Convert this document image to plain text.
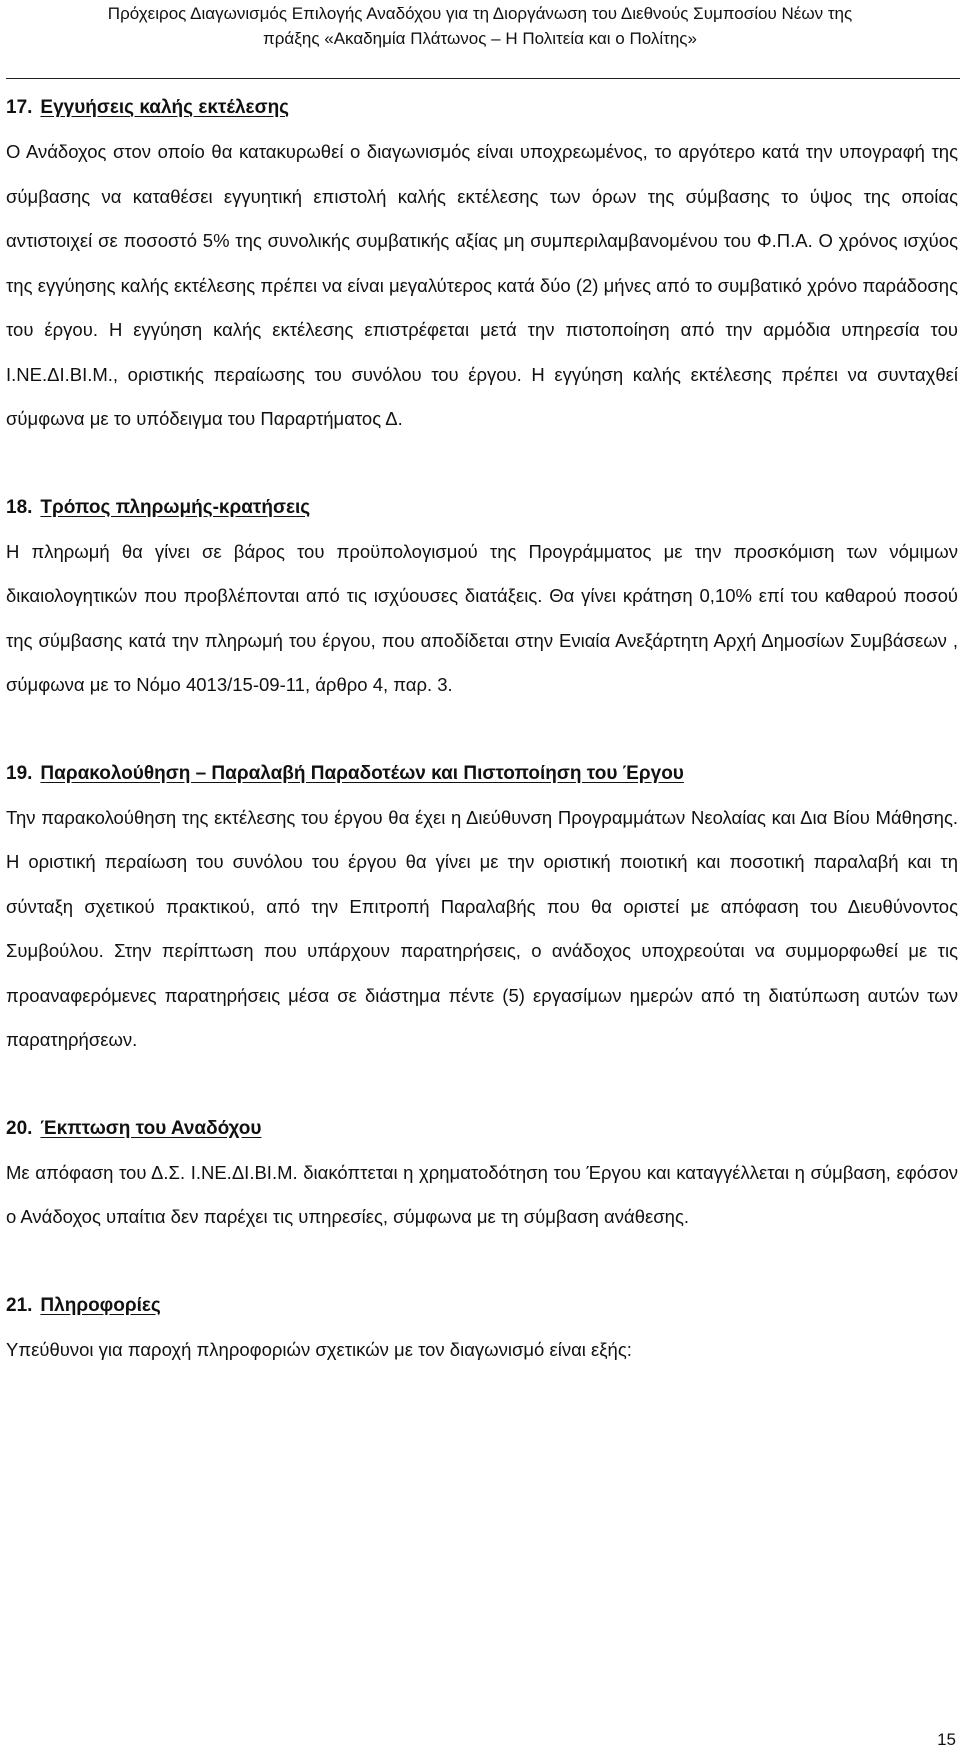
Πρόχειρος Διαγωνισμός Επιλογής Αναδόχου για τη Διοργάνωση του Διεθνούς Συμποσίου Νέων της
πράξης «Ακαδημία Πλάτωνος – Η Πολιτεία και ο Πολίτης»
17. Εγγυήσεις καλής εκτέλεσης

Ο Ανάδοχος στον οποίο θα κατακυρωθεί ο διαγωνισμός είναι υποχρεωμένος, το αργότερο κατά την υπογραφή της σύμβασης να καταθέσει εγγυητική επιστολή καλής εκτέλεσης των όρων της σύμβασης το ύψος της οποίας αντιστοιχεί σε ποσοστό 5% της συνολικής συμβατικής αξίας μη συμπεριλαμβανομένου του Φ.Π.Α. Ο χρόνος ισχύος της εγγύησης καλής εκτέλεσης πρέπει να είναι μεγαλύτερος κατά δύο (2) μήνες από το συμβατικό χρόνο παράδοσης του έργου. Η εγγύηση καλής εκτέλεσης επιστρέφεται μετά την πιστοποίηση από την αρμόδια υπηρεσία του Ι.ΝΕ.ΔΙ.ΒΙ.Μ., οριστικής περαίωσης του συνόλου του έργου. Η εγγύηση καλής εκτέλεσης πρέπει να συνταχθεί σύμφωνα με το υπόδειγμα του Παραρτήματος Δ.

18. Τρόπος πληρωμής-κρατήσεις

Η πληρωμή θα γίνει σε βάρος του προϋπολογισμού της Προγράμματος με την προσκόμιση των νόμιμων δικαιολογητικών που προβλέπονται από τις ισχύουσες διατάξεις. Θα γίνει κράτηση 0,10% επί του καθαρού ποσού της σύμβασης κατά την πληρωμή του έργου, που αποδίδεται στην Ενιαία Ανεξάρτητη Αρχή Δημοσίων Συμβάσεων , σύμφωνα με το Νόμο 4013/15-09-11, άρθρο 4, παρ. 3.

19. Παρακολούθηση – Παραλαβή Παραδοτέων και Πιστοποίηση του Έργου

Την παρακολούθηση της εκτέλεσης του έργου θα έχει η Διεύθυνση Προγραμμάτων Νεολαίας και Δια Βίου Μάθησης. Η οριστική περαίωση του συνόλου του έργου θα γίνει με την οριστική ποιοτική και ποσοτική παραλαβή και τη σύνταξη σχετικού πρακτικού, από την Επιτροπή Παραλαβής που θα οριστεί με απόφαση του Διευθύνοντος Συμβούλου. Στην περίπτωση που υπάρχουν παρατηρήσεις, ο ανάδοχος υποχρεούται να συμμορφωθεί με τις προαναφερόμενες παρατηρήσεις μέσα σε διάστημα πέντε (5) εργασίμων ημερών από τη διατύπωση αυτών των παρατηρήσεων.

20. Έκπτωση του Αναδόχου

Με απόφαση του Δ.Σ. Ι.ΝΕ.ΔΙ.ΒΙ.Μ. διακόπτεται η χρηματοδότηση του Έργου και καταγγέλλεται η σύμβαση, εφόσον ο Ανάδοχος υπαίτια δεν παρέχει τις υπηρεσίες, σύμφωνα με τη σύμβαση ανάθεσης.

21. Πληροφορίες

Υπεύθυνοι για παροχή πληροφοριών σχετικών με τον διαγωνισμό είναι εξής:

15
